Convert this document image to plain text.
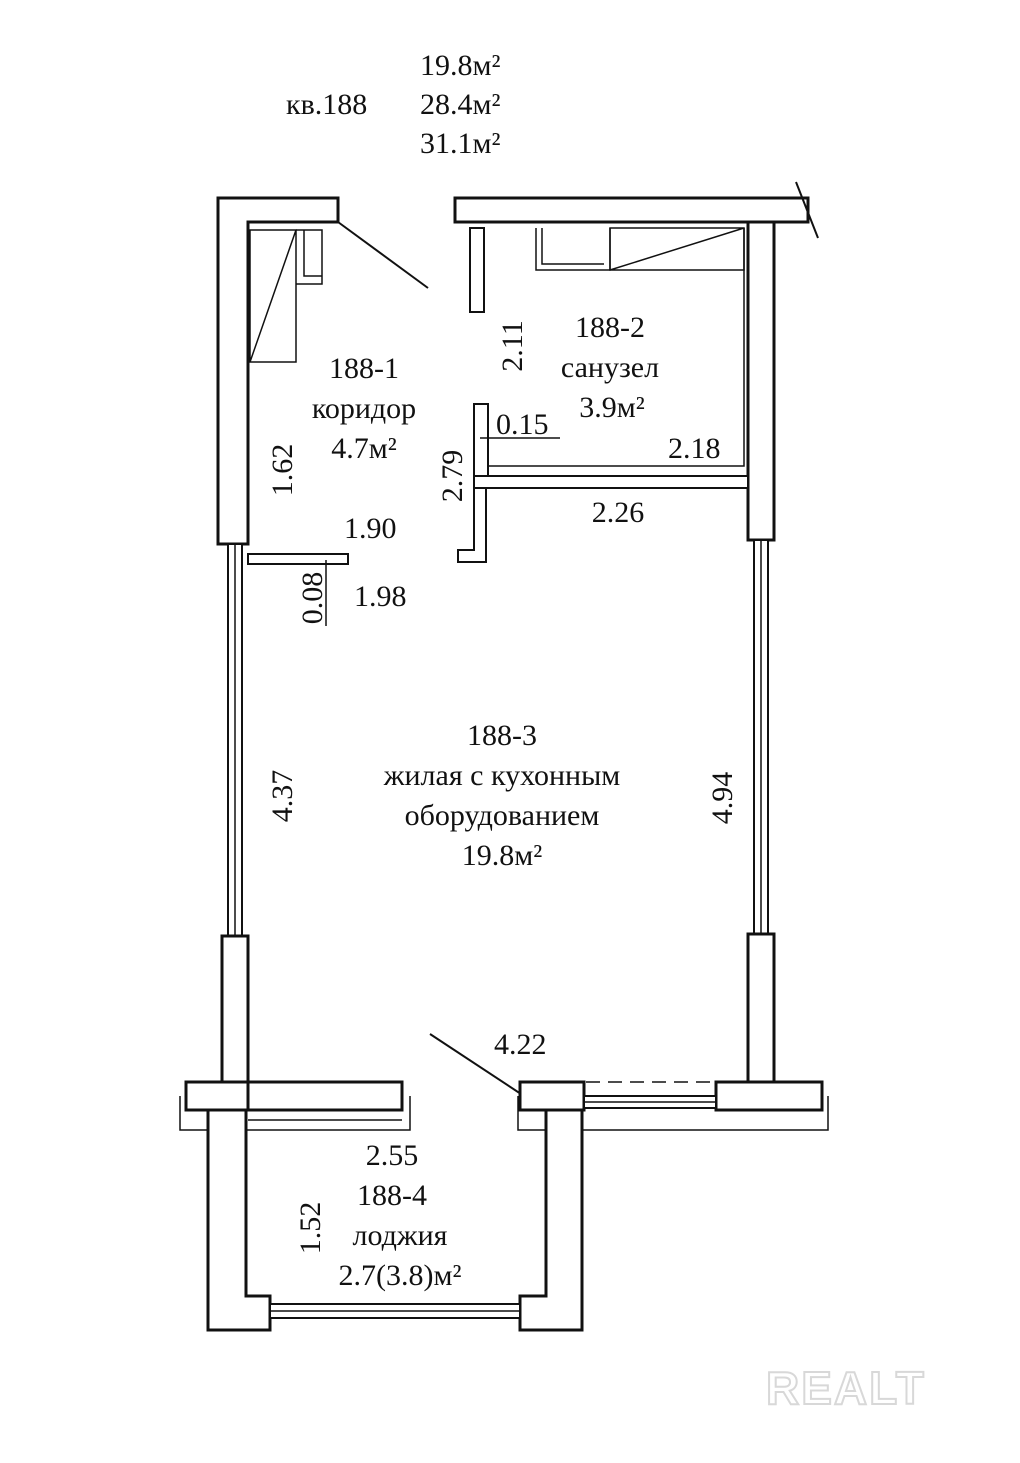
19.8м²
кв.188 28.4м²
31.1м²
188-1
коридор
4.7м²
188-2
санузел
3.9м²
188-3
жилая с кухонным
оборудованием
19.8м²
2.55
188-4
лоджия
2.7(3.8)м²
2.11
0.15
2.18
2.26
2.79
1.62
1.90
0.08 1.98
4.37	4.94
4.22
1.52
REALT
